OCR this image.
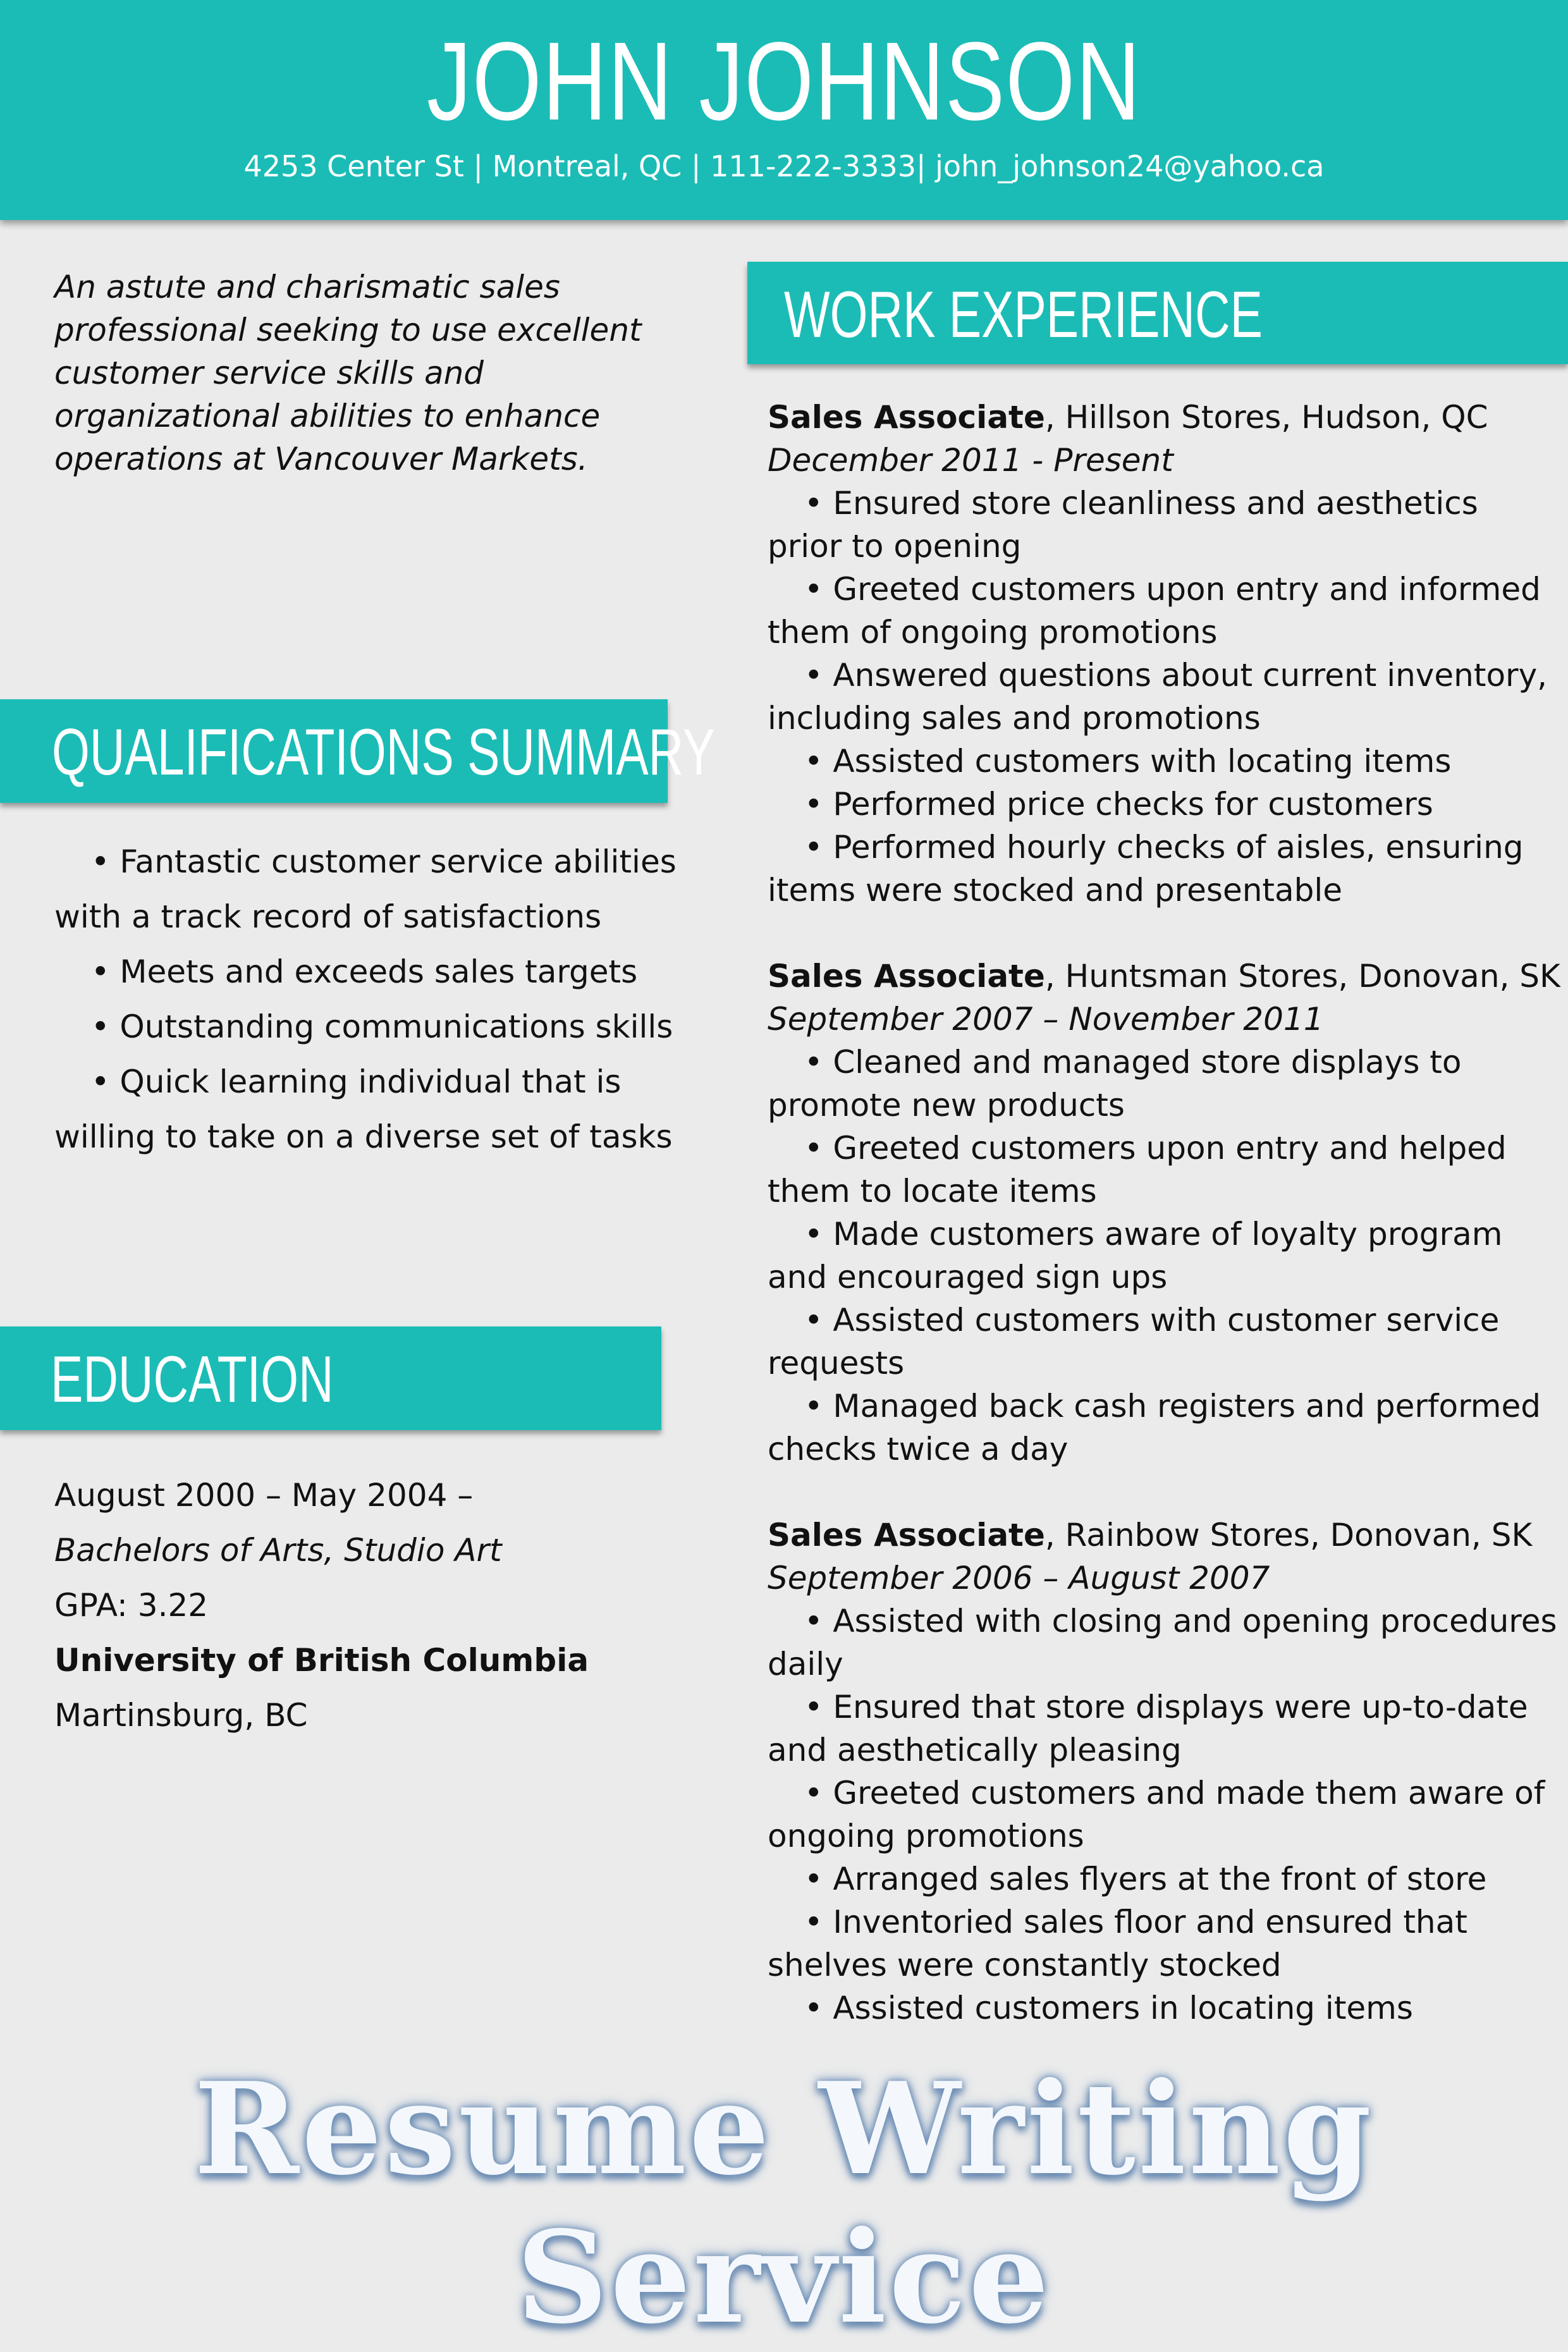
JOHN JOHNSON
4253 Center St | Montreal, QC | 111-222-3333| john_johnson24@yahoo.ca
An astute and charismatic sales professional seeking to use excellent customer service skills and organizational abilities to enhance operations at Vancouver Markets.
QUALIFICATIONS SUMMARY
• Fantastic customer service abilities with a track record of satisfactions
• Meets and exceeds sales targets
• Outstanding communications skills
• Quick learning individual that is willing to take on a diverse set of tasks
EDUCATION
August 2000 – May 2004 –
Bachelors of Arts, Studio Art
GPA: 3.22
University of British Columbia
Martinsburg, BC
WORK EXPERIENCE
Sales Associate, Hillson Stores, Hudson, QC
December 2011 - Present
• Ensured store cleanliness and aesthetics prior to opening
• Greeted customers upon entry and informed them of ongoing promotions
• Answered questions about current inventory, including sales and promotions
• Assisted customers with locating items
• Performed price checks for customers
• Performed hourly checks of aisles, ensuring items were stocked and presentable
Sales Associate, Huntsman Stores, Donovan, SK
September 2007 – November 2011
• Cleaned and managed store displays to promote new products
• Greeted customers upon entry and helped them to locate items
• Made customers aware of loyalty program and encouraged sign ups
• Assisted customers with customer service requests
• Managed back cash registers and performed checks twice a day
Sales Associate, Rainbow Stores, Donovan, SK
September 2006 – August 2007
• Assisted with closing and opening procedures daily
• Ensured that store displays were up-to-date and aesthetically pleasing
• Greeted customers and made them aware of ongoing promotions
• Arranged sales flyers at the front of store
• Inventoried sales floor and ensured that shelves were constantly stocked
• Assisted customers in locating items
Resume Writing Service
